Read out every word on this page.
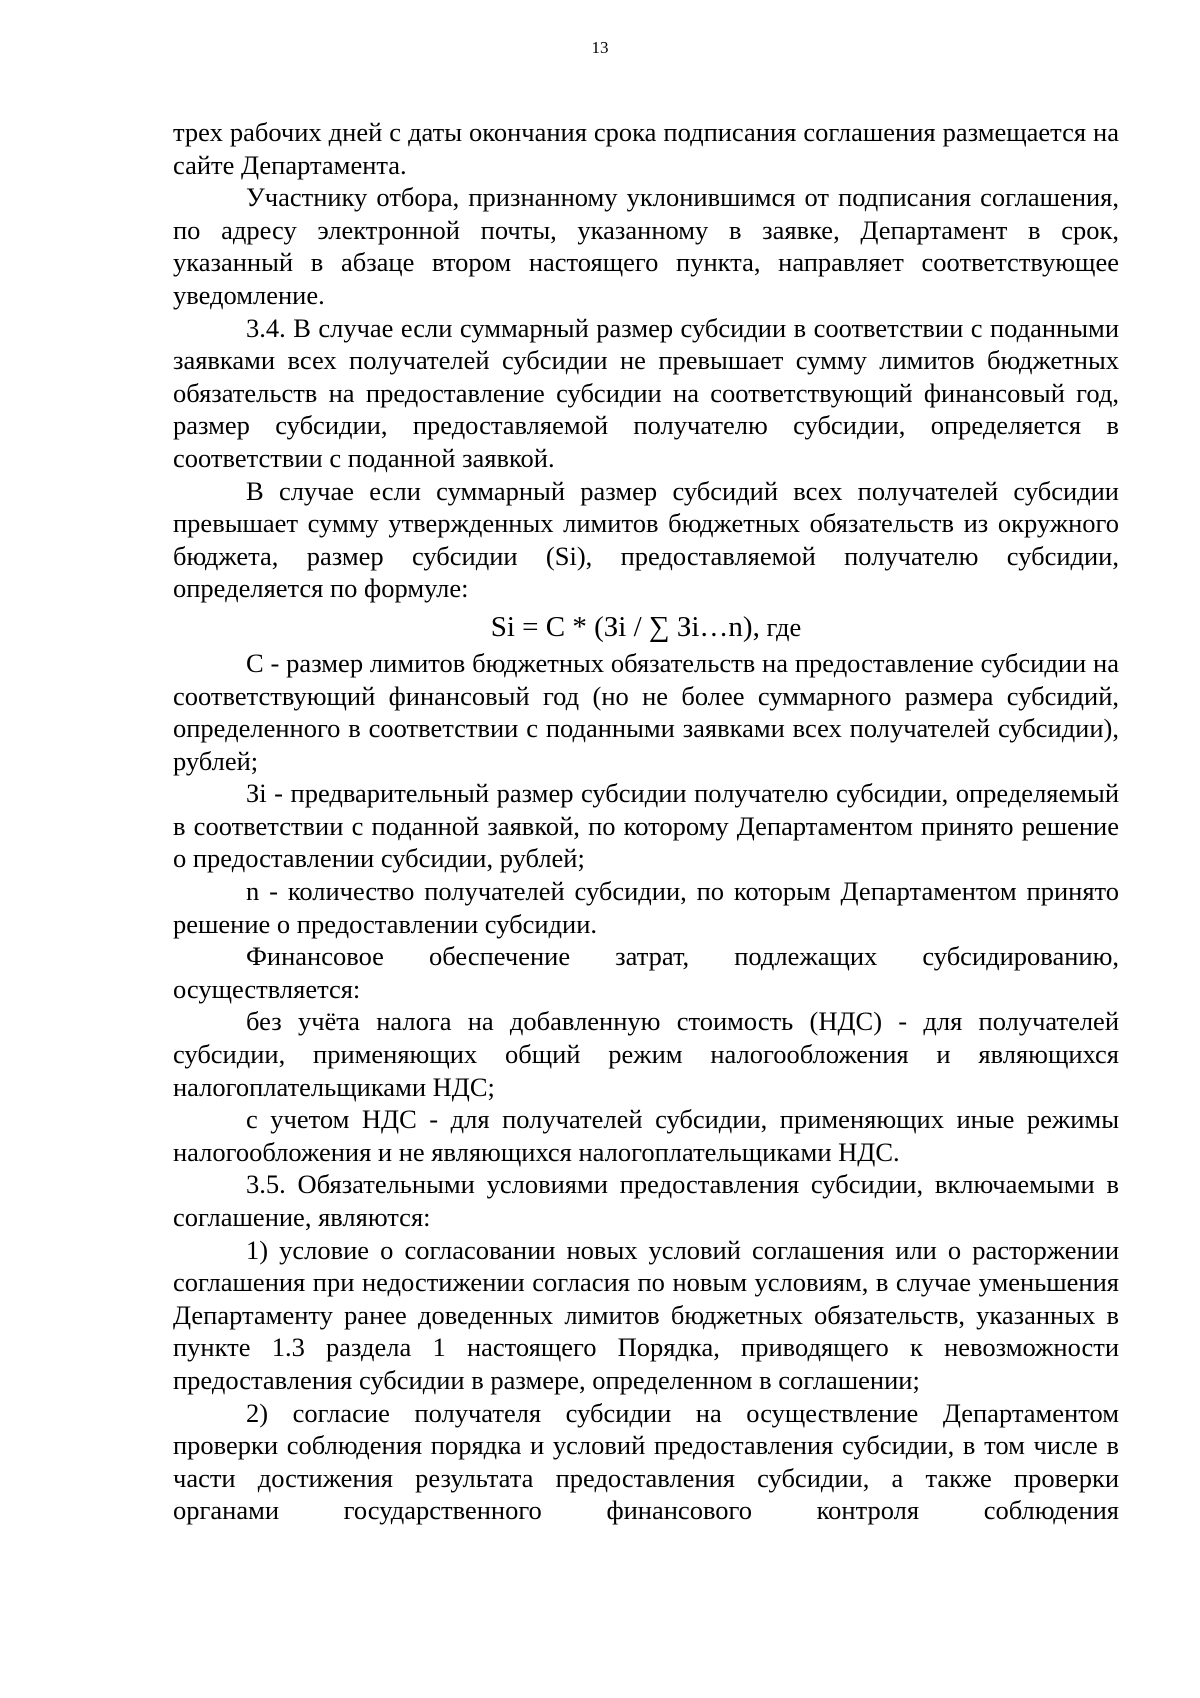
13

трех рабочих дней с даты окончания срока подписания соглашения размещается на сайте Департамента.

Участнику отбора, признанному уклонившимся от подписания соглашения, по адресу электронной почты, указанному в заявке, Департамент в срок, указанный в абзаце втором настоящего пункта, направляет соответствующее уведомление.

3.4. В случае если суммарный размер субсидии в соответствии с поданными заявками всех получателей субсидии не превышает сумму лимитов бюджетных обязательств на предоставление субсидии на соответствующий финансовый год, размер субсидии, предоставляемой получателю субсидии, определяется в соответствии с поданной заявкой.

В случае если суммарный размер субсидий всех получателей субсидии превышает сумму утвержденных лимитов бюджетных обязательств из окружного бюджета, размер субсидии (Si), предоставляемой получателю субсидии, определяется по формуле:

Si = C * (Зi / ∑ Зi…n), где

С - размер лимитов бюджетных обязательств на предоставление субсидии на соответствующий финансовый год (но не более суммарного размера субсидий, определенного в соответствии с поданными заявками всех получателей субсидии), рублей;

Зi - предварительный размер субсидии получателю субсидии, определяемый в соответствии с поданной заявкой, по которому Департаментом принято решение о предоставлении субсидии, рублей;

n - количество получателей субсидии, по которым Департаментом принято решение о предоставлении субсидии.

Финансовое обеспечение затрат, подлежащих субсидированию, осуществляется:

без учёта налога на добавленную стоимость (НДС) - для получателей субсидии, применяющих общий режим налогообложения и являющихся налогоплательщиками НДС;

с учетом НДС - для получателей субсидии, применяющих иные режимы налогообложения и не являющихся налогоплательщиками НДС.

3.5. Обязательными условиями предоставления субсидии, включаемыми в соглашение, являются:

1) условие о согласовании новых условий соглашения или о расторжении соглашения при недостижении согласия по новым условиям, в случае уменьшения Департаменту ранее доведенных лимитов бюджетных обязательств, указанных в пункте 1.3 раздела 1 настоящего Порядка, приводящего к невозможности предоставления субсидии в размере, определенном в соглашении;

2) согласие получателя субсидии на осуществление Департаментом проверки соблюдения порядка и условий предоставления субсидии, в том числе в части достижения результата предоставления субсидии, а также проверки органами государственного финансового контроля соблюдения
